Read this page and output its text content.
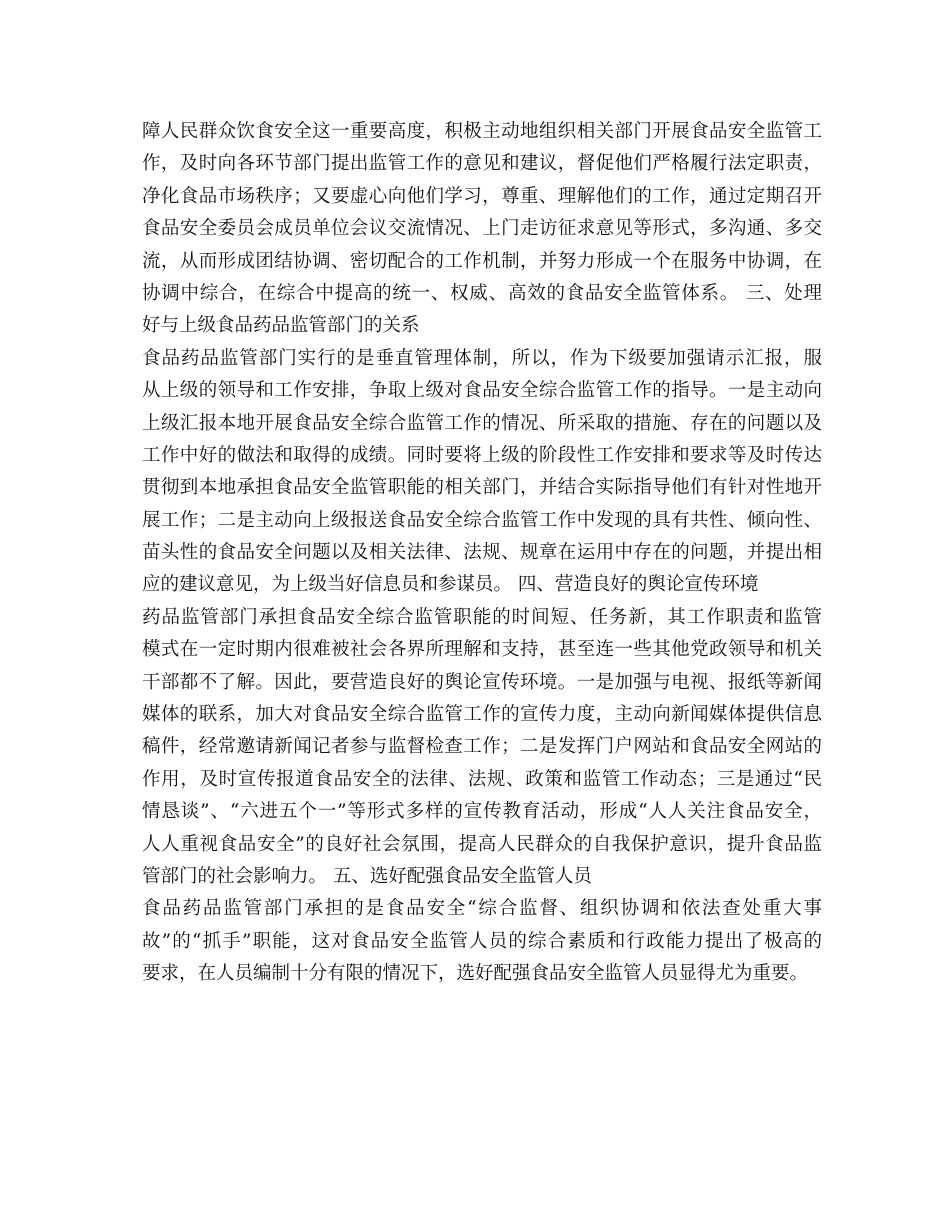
障人民群众饮食安全这一重要高度，积极主动地组织相关部门开展食品安全监管工
作，及时向各环节部门提出监管工作的意见和建议，督促他们严格履行法定职责，
净化食品市场秩序；又要虚心向他们学习，尊重、理解他们的工作，通过定期召开
食品安全委员会成员单位会议交流情况、上门走访征求意见等形式，多沟通、多交
流，从而形成团结协调、密切配合的工作机制，并努力形成一个在服务中协调，在
协调中综合，在综合中提高的统一、权威、高效的食品安全监管体系。 三、处理
好与上级食品药品监管部门的关系
食品药品监管部门实行的是垂直管理体制，所以，作为下级要加强请示汇报，服
从上级的领导和工作安排，争取上级对食品安全综合监管工作的指导。一是主动向
上级汇报本地开展食品安全综合监管工作的情况、所采取的措施、存在的问题以及
工作中好的做法和取得的成绩。同时要将上级的阶段性工作安排和要求等及时传达
贯彻到本地承担食品安全监管职能的相关部门，并结合实际指导他们有针对性地开
展工作；二是主动向上级报送食品安全综合监管工作中发现的具有共性、倾向性、
苗头性的食品安全问题以及相关法律、法规、规章在运用中存在的问题，并提出相
应的建议意见，为上级当好信息员和参谋员。 四、营造良好的舆论宣传环境
药品监管部门承担食品安全综合监管职能的时间短、任务新，其工作职责和监管
模式在一定时期内很难被社会各界所理解和支持，甚至连一些其他党政领导和机关
干部都不了解。因此，要营造良好的舆论宣传环境。一是加强与电视、报纸等新闻
媒体的联系，加大对食品安全综合监管工作的宣传力度，主动向新闻媒体提供信息
稿件，经常邀请新闻记者参与监督检查工作；二是发挥门户网站和食品安全网站的
作用，及时宣传报道食品安全的法律、法规、政策和监管工作动态；三是通过“民
情恳谈”、“六进五个一”等形式多样的宣传教育活动，形成“人人关注食品安全，
人人重视食品安全”的良好社会氛围，提高人民群众的自我保护意识，提升食品监
管部门的社会影响力。 五、选好配强食品安全监管人员
食品药品监管部门承担的是食品安全“综合监督、组织协调和依法查处重大事
故”的“抓手”职能，这对食品安全监管人员的综合素质和行政能力提出了极高的
要求，在人员编制十分有限的情况下，选好配强食品安全监管人员显得尤为重要。
